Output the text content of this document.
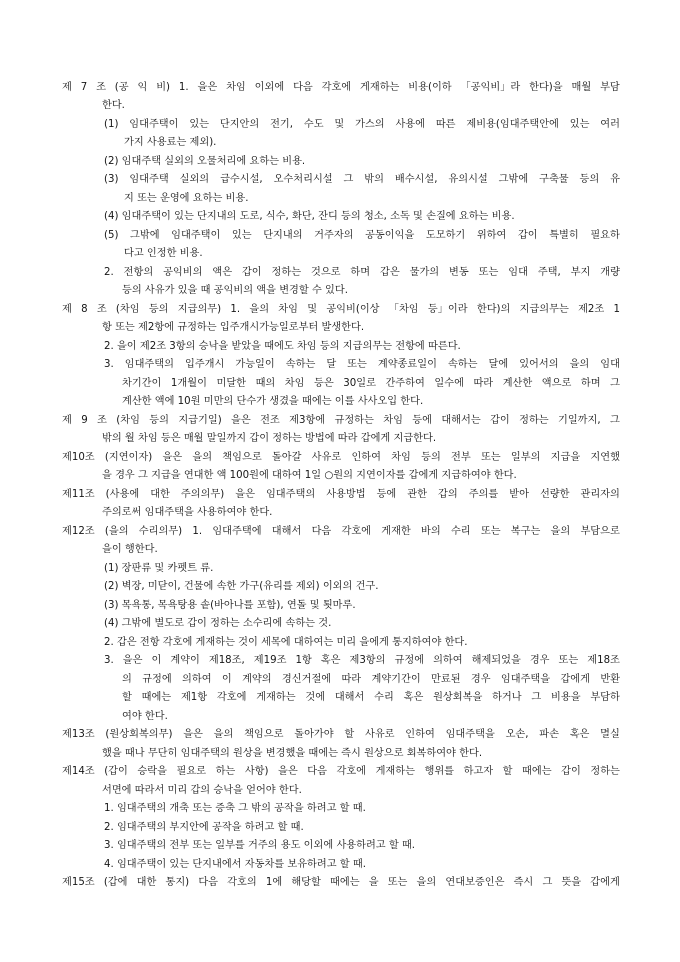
제 7 조 (공 익 비) 1. 을은 차임 이외에 다음 각호에 게재하는 비용(이하 「공익비」라 한다)을 매월 부담
한다.
(1) 임대주택이 있는 단지안의 전기, 수도 및 가스의 사용에 따른 제비용(임대주택안에 있는 여러
가지 사용료는 제외).
(2) 임대주택 실외의 오물처리에 요하는 비용.
(3) 임대주택 실외의 급수시설, 오수처리시설 그 밖의 배수시설, 유의시설 그밖에 구축물 등의 유
지 또는 운영에 요하는 비용.
(4) 임대주택이 있는 단지내의 도로, 식수, 화단, 잔디 등의 청소, 소독 및 손질에 요하는 비용.
(5) 그밖에 임대주택이 있는 단지내의 거주자의 공동이익을 도모하기 위하여 갑이 특별히 필요하
다고 인정한 비용.
2. 전항의 공익비의 액은 갑이 정하는 것으로 하며 갑은 물가의 변동 또는 임대 주택, 부지 개량
등의 사유가 있을 때 공익비의 액을 변경할 수 있다.
제 8 조 (차임 등의 지급의무) 1. 을의 차임 및 공익비(이상 「차임 등」이라 한다)의 지급의무는 제2조 1
항 또는 제2항에 규정하는 입주개시가능일로부터 발생한다.
2. 을이 제2조 3항의 승낙을 받았을 때에도 차임 등의 지급의무는 전항에 따른다.
3. 임대주택의 입주개시 가능일이 속하는 달 또는 계약종료일이 속하는 달에 있어서의 을의 임대
차기간이 1개월이 미달한 때의 차임 등은 30일로 간주하여 일수에 따라 계산한 액으로 하며 그
계산한 액에 10원 미만의 단수가 생겼을 때에는 이를 사사오입 한다.
제 9 조 (차임 등의 지급기일) 을은 전조 제3항에 규정하는 차임 등에 대해서는 갑이 정하는 기일까지, 그
밖의 월 차임 등은 매월 말일까지 갑이 정하는 방법에 따라 갑에게 지급한다.
제10조 (지연이자) 을은 을의 책임으로 돌아갈 사유로 인하여 차임 등의 전부 또는 일부의 지급을 지연했
을 경우 그 지급을 연대한 액 100원에 대하여 1일 ○원의 지연이자를 갑에게 지급하여야 한다.
제11조 (사용에 대한 주의의무) 을은 임대주택의 사용방법 등에 관한 갑의 주의를 받아 선량한 관리자의
주의로써 임대주택을 사용하여야 한다.
제12조 (을의 수리의무) 1. 임대주택에 대해서 다음 각호에 게재한 바의 수리 또는 복구는 을의 부담으로
을이 행한다.
(1) 장판류 및 카펫트 류.
(2) 벽장, 미닫이, 건물에 속한 가구(유리를 제외) 이외의 건구.
(3) 목욕통, 목욕탕용 솥(바아나를 포함), 연돌 및 툇마루.
(4) 그밖에 별도로 갑이 정하는 소수리에 속하는 것.
2. 갑은 전항 각호에 게재하는 것이 세목에 대하여는 미리 을에게 통지하여야 한다.
3. 을은 이 계약이 제18조, 제19조 1항 혹은 제3항의 규정에 의하여 해제되었을 경우 또는 제18조
의 규정에 의하여 이 계약의 경신거절에 따라 계약기간이 만료된 경우 임대주택을 갑에게 반환
할 때에는 제1항 각호에 게재하는 것에 대해서 수리 혹은 원상회복을 하거나 그 비용을 부담하
여야 한다.
제13조 (원상회복의무) 을은 을의 책임으로 돌아가야 할 사유로 인하여 임대주택을 오손, 파손 혹은 멸실
했을 때나 무단히 임대주택의 원상을 변경했을 때에는 즉시 원상으로 회복하여야 한다.
제14조 (갑이 승락을 필요로 하는 사항) 을은 다음 각호에 게재하는 행위를 하고자 할 때에는 갑이 정하는
서면에 따라서 미리 갑의 승낙을 얻어야 한다.
1. 임대주택의 개축 또는 증축 그 밖의 공작을 하려고 할 때.
2. 임대주택의 부지안에 공작을 하려고 할 때.
3. 임대주택의 전부 또는 일부를 거주의 용도 이외에 사용하려고 할 때.
4. 임대주택이 있는 단지내에서 자동차를 보유하려고 할 때.
제15조 (갑에 대한 통지) 다음 각호의 1에 해당할 때에는 을 또는 을의 연대보증인은 즉시 그 뜻을 갑에게
